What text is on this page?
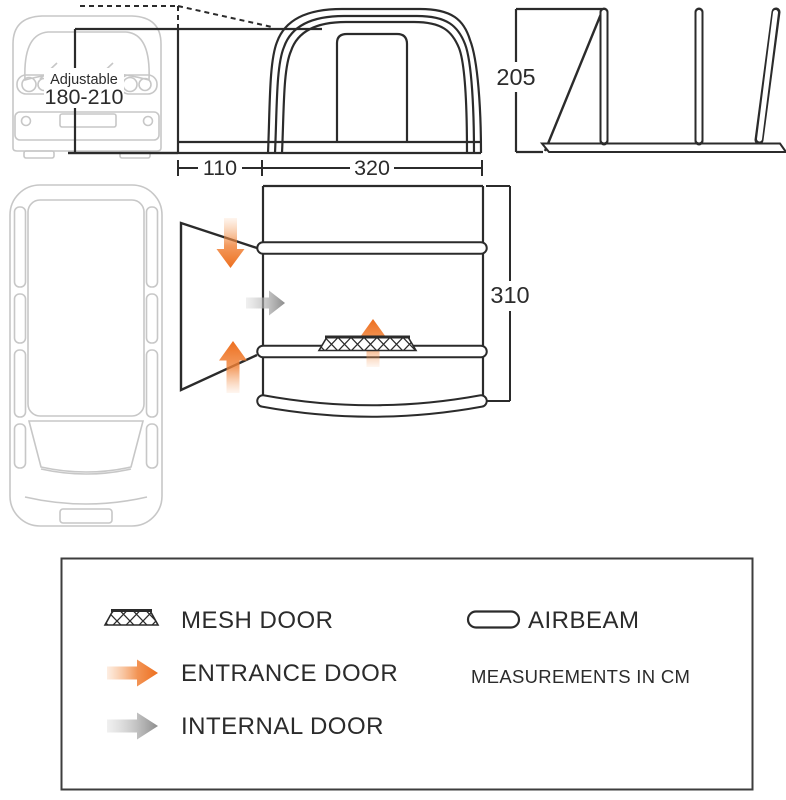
Adjustable
180-210
110	320
205
310
MESH DOOR
ENTRANCE DOOR
INTERNAL DOOR
AIRBEAM
MEASUREMENTS IN CM
